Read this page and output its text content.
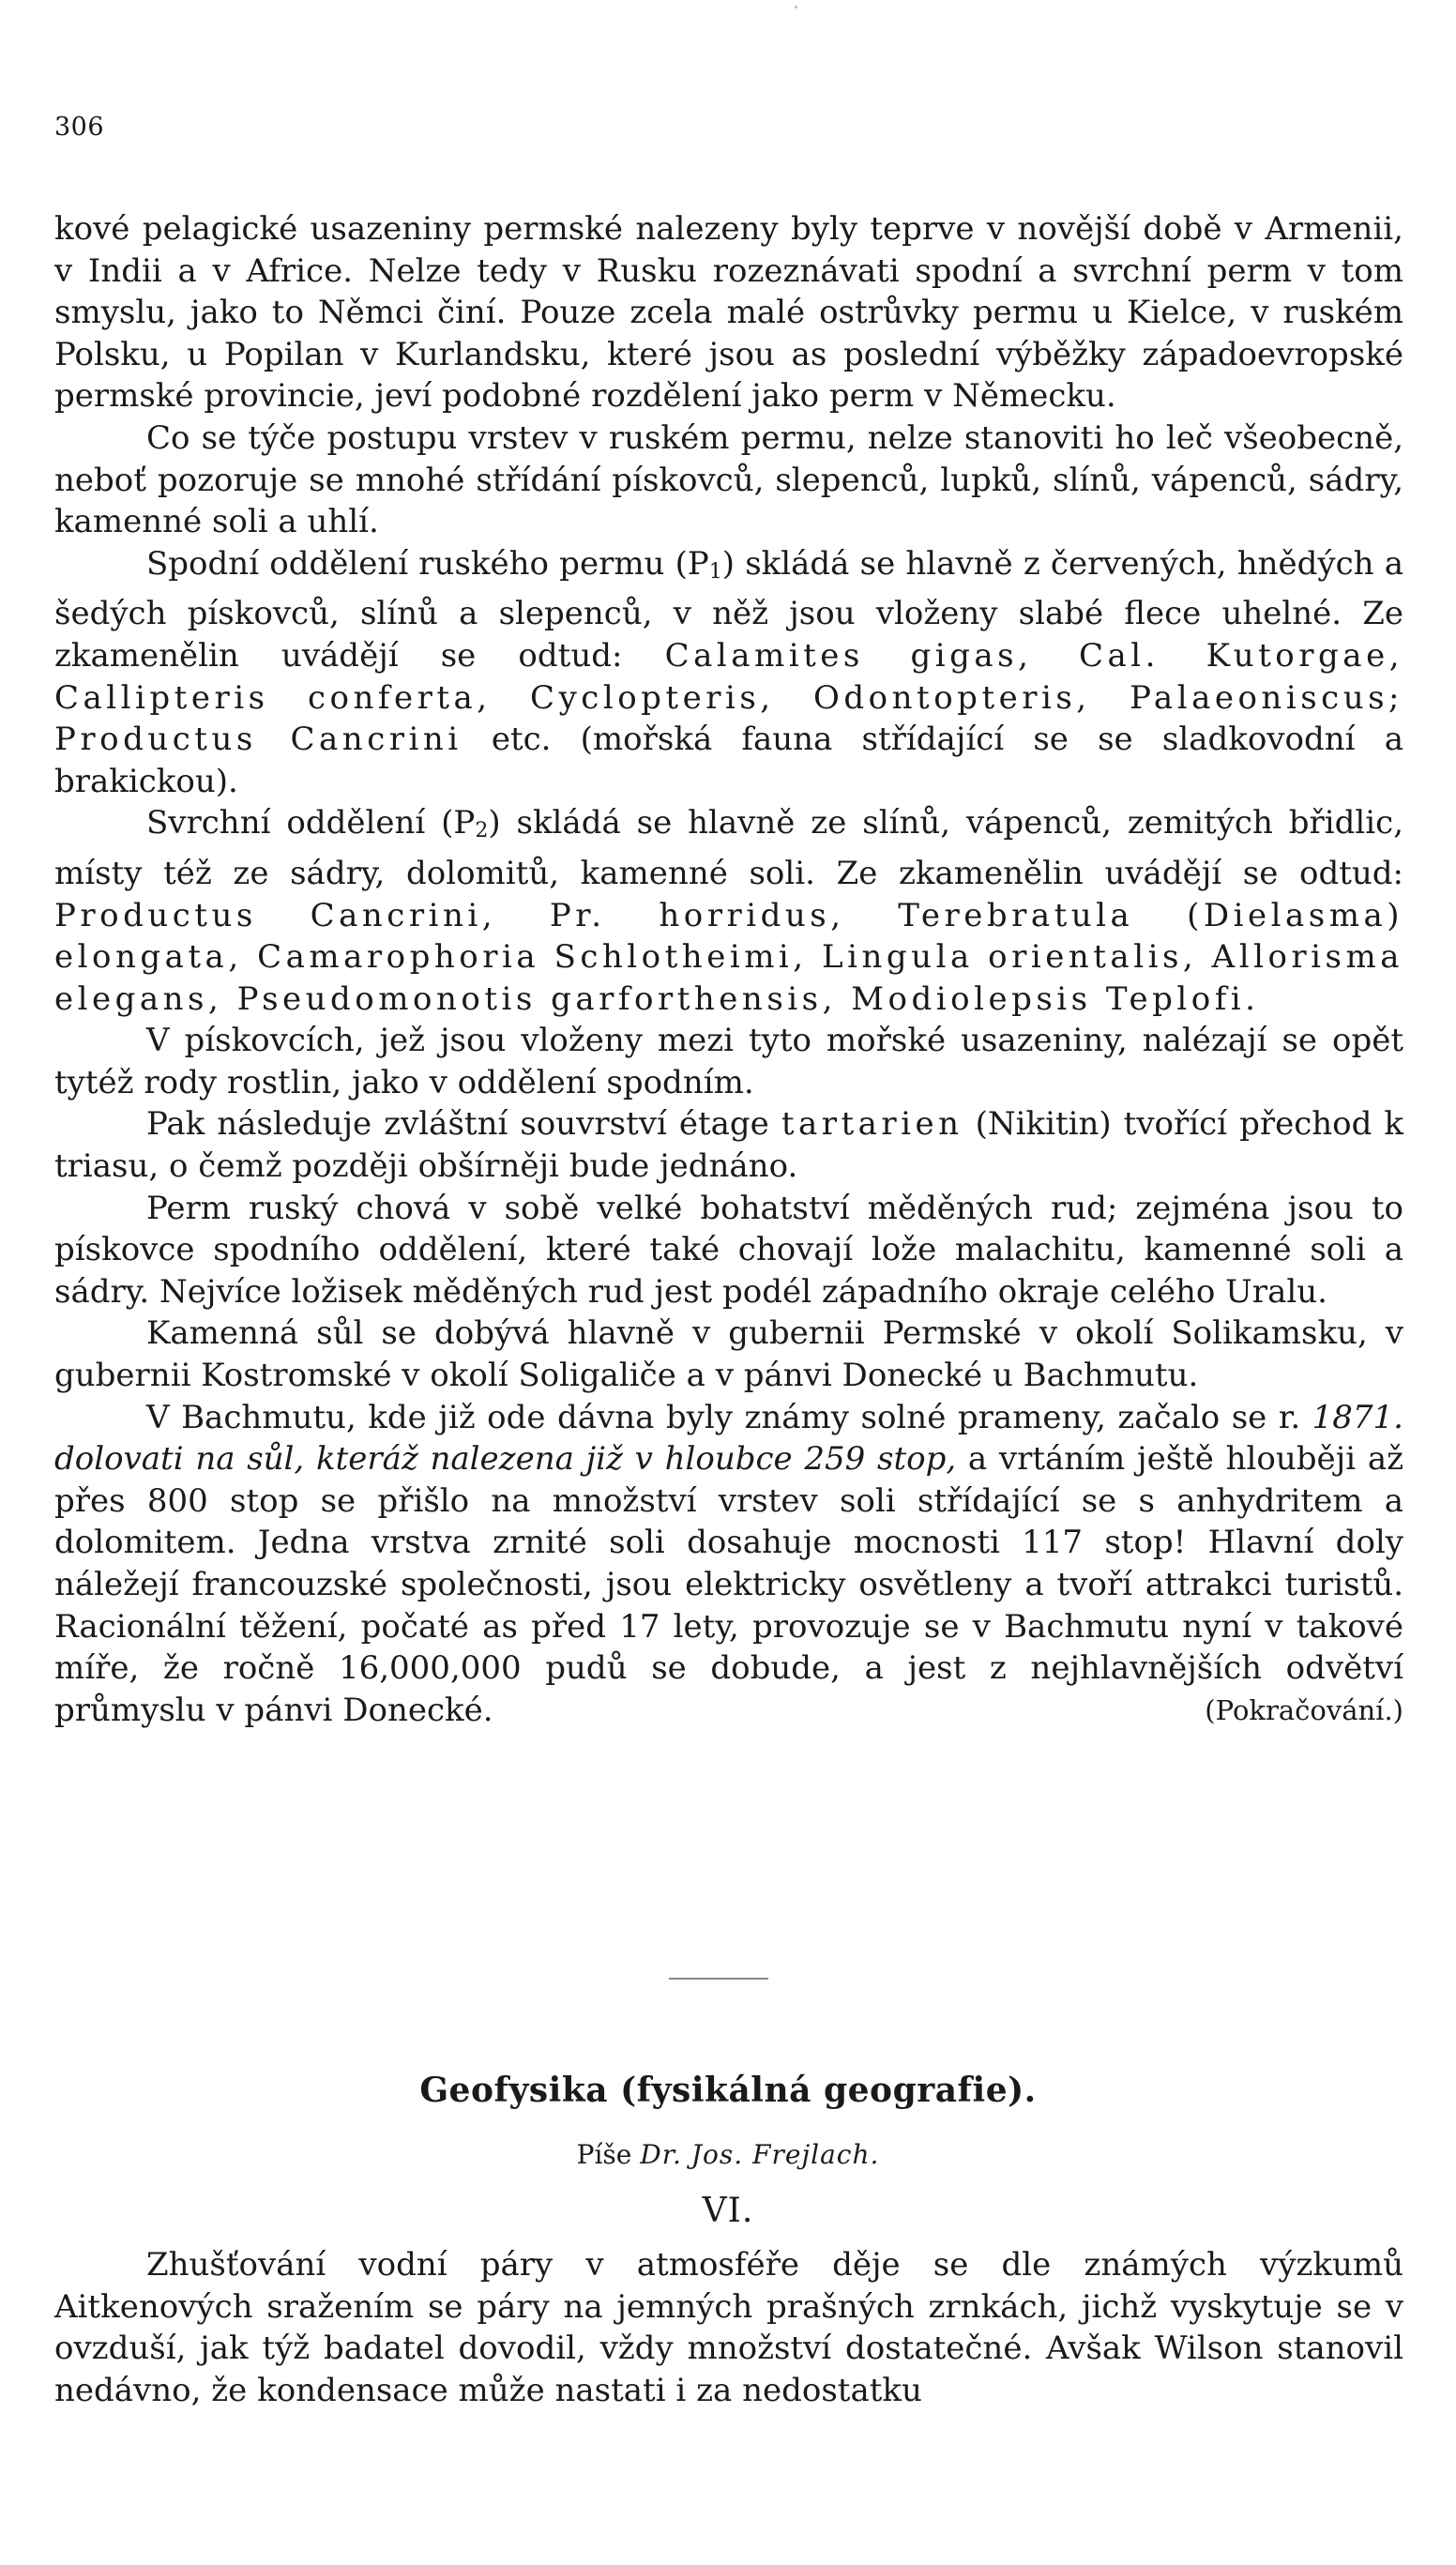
306

kové pelagické usazeniny permské nalezeny byly teprve v novější době v Armenii, v Indii a v Africe. Nelze tedy v Rusku rozeznávati spodní a svrchní perm v tom smyslu, jako to Němci činí. Pouze zcela malé ostrůvky permu u Kielce, v ruském Polsku, u Popilan v Kurlandsku, které jsou as poslední výběžky západoevropské permské provincie, jeví podobné rozdělení jako perm v Německu.

Co se týče postupu vrstev v ruském permu, nelze stanoviti ho leč všeobecně, neboť pozoruje se mnohé střídání pískovců, slepenců, lupků, slínů, vápenců, sádry, kamenné soli a uhlí.

Spodní oddělení ruského permu $(P_1)$ skládá se hlavně z červených, hnědých a šedých pískovců, slínů a slepenců, v něž jsou vloženy slabé flece uhelné. Ze zkamenělin uvádějí se odtud: Calamites gigas, Cal. Kutorgae, Callipteris conferta, Cyclopteris, Odontopteris, Palaeoniscus; Productus Cancrini etc. (mořská fauna střídající se se sladkovodní a brakickou).

Svrchní oddělení $(P_2)$ skládá se hlavně ze slínů, vápenců, zemitých břidlic, místy též ze sádry, dolomitů, kamenné soli. Ze zkamenělin uvádějí se odtud: Productus Cancrini, Pr. horridus, Terebratula (Dielasma) elongata, Camarophoria Schlotheimi, Lingula orientalis, Allorisma elegans, Pseudomonotis garforthensis, Modiolepsis Teplofi.

V pískovcích, jež jsou vloženy mezi tyto mořské usazeniny, nalézají se opět tytéž rody rostlin, jako v oddělení spodním.

Pak následuje zvláštní souvrství étage tartarien (Nikitin) tvořící přechod k triasu, o čemž později obšírněji bude jednáno.

Perm ruský chová v sobě velké bohatství měděných rud; zejména jsou to pískovce spodního oddělení, které také chovají lože malachitu, kamenné soli a sádry. Nejvíce ložisek měděných rud jest podél západního okraje celého Uralu.

Kamenná sůl se dobývá hlavně v gubernii Permské v okolí Solikamsku, v gubernii Kostromské v okolí Soligaliče a v pánvi Donecké u Bachmutu.

V Bachmutu, kde již ode dávna byly známy solné prameny, začalo se r. 1871. dolovati na sůl, kteráž nalezena již v hloubce 259 stop, a vrtáním ještě hlouběji až přes 800 stop se přišlo na množství vrstev soli střídající se s anhydritem a dolomitem. Jedna vrstva zrnité soli dosahuje mocnosti 117 stop! Hlavní doly náležejí francouzské společnosti, jsou elektricky osvětleny a tvoří attrakci turistů. Racionální těžení, počaté as před 17 lety, provozuje se v Bachmutu nyní v takové míře, že ročně 16,000,000 pudů se dobude, a jest z nejhlavnějších odvětví průmyslu v pánvi Donecké.	(Pokračování.)

Geofysika (fysikálná geografie).
Píše Dr. Jos. Frejlach.
VI.

Zhušťování vodní páry v atmosféře děje se dle známých výzkumů Aitkenových sražením se páry na jemných prašných zrnkách, jichž vyskytuje se v ovzduší, jak týž badatel dovodil, vždy množství dostatečné. Avšak Wilson stanovil nedávno, že kondensace může nastati i za nedostatku
